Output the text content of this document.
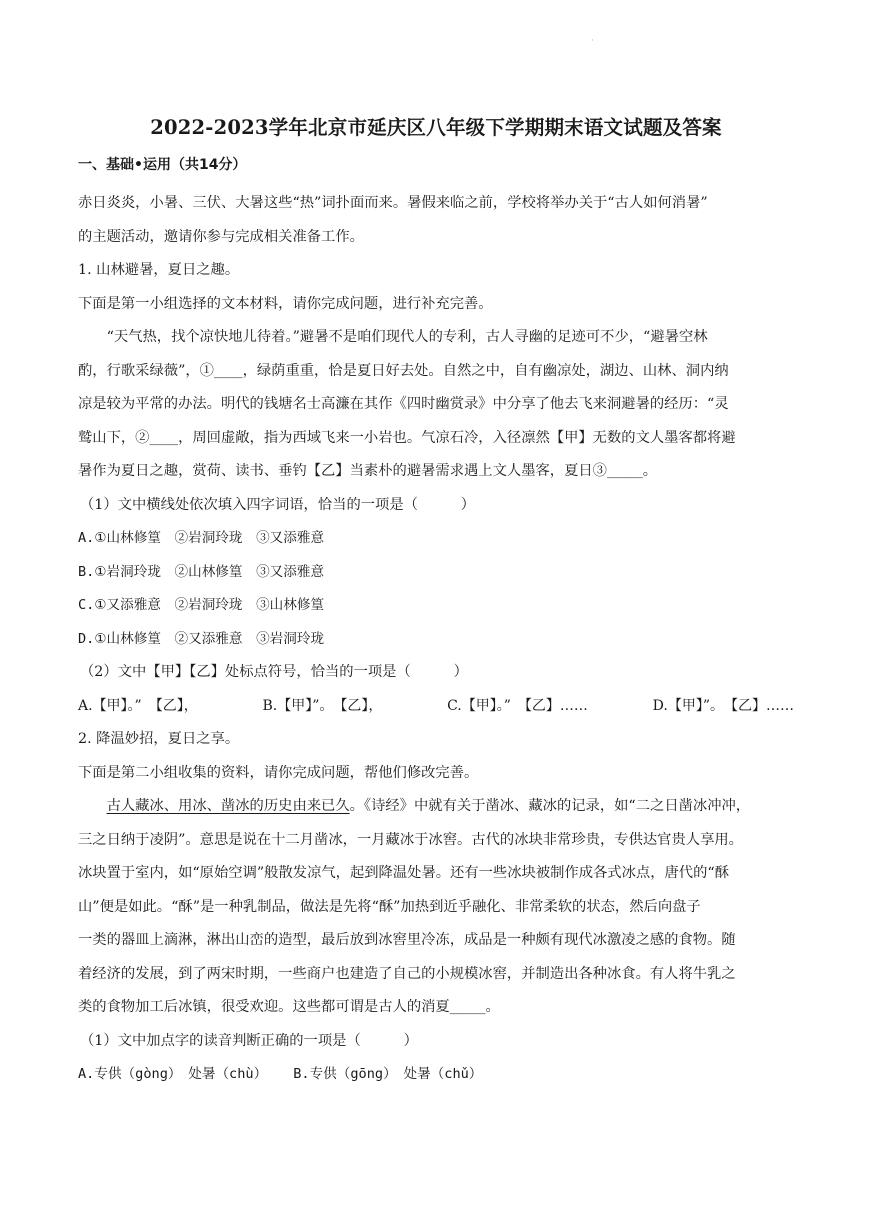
·
2022-2023学年北京市延庆区八年级下学期期末语文试题及答案
一、基础•运用（共14分）

赤日炎炎，小暑、三伏、大暑这些“热”词扑面而来。暑假来临之前，学校将举办关于“古人如何消暑”

的主题活动，邀请你参与完成相关准备工作。

1. 山林避暑，夏日之趣。

下面是第一小组选择的文本材料，请你完成问题，进行补充完善。

“天气热，找个凉快地儿待着。”避暑不是咱们现代人的专利，古人寻幽的足迹可不少，“避暑空林

酌，行歌采绿薇”，①____，绿荫重重，恰是夏日好去处。自然之中，自有幽凉处，湖边、山林、洞内纳

凉是较为平常的办法。明代的钱塘名士高濂在其作《四时幽赏录》中分享了他去飞来洞避暑的经历：“灵

鹫山下，②____，周回虚敞，指为西域飞来一小岩也。气凉石冷，入径凛然【甲】无数的文人墨客都将避

暑作为夏日之趣，赏荷、读书、垂钓【乙】当素朴的避暑需求遇上文人墨客，夏日③_____。

（1）文中横线处依次填入四字词语，恰当的一项是（　　　）

A.①山林修篁　②岩洞玲珑　③又添雅意

B.①岩洞玲珑　②山林修篁　③又添雅意

C.①又添雅意　②岩洞玲珑　③山林修篁

D.①山林修篁　②又添雅意　③岩洞玲珑

（2）文中【甲】【乙】处标点符号，恰当的一项是（　　　）

A.【甲】。”　【乙】，	B.【甲】”。　【乙】，	C.【甲】。”　【乙】……	D.【甲】”。　【乙】……

2. 降温妙招，夏日之享。

下面是第二小组收集的资料，请你完成问题，帮他们修改完善。

古人藏冰、用冰、凿冰的历史由来已久。《诗经》中就有关于凿冰、藏冰的记录，如“二之日凿冰冲冲，

三之日纳于凌阴”。意思是说在十二月凿冰，一月藏冰于冰窖。古代的冰块非常珍贵，专供达官贵人享用。

冰块置于室内，如“原始空调”般散发凉气，起到降温处暑。还有一些冰块被制作成各式冰点，唐代的“酥

山”便是如此。“酥”是一种乳制品，做法是先将“酥”加热到近乎融化、非常柔软的状态，然后向盘子

一类的器皿上滴淋，淋出山峦的造型，最后放到冰窖里冷冻，成品是一种颇有现代冰激凌之感的食物。随

着经济的发展，到了两宋时期，一些商户也建造了自己的小规模冰窖，并制造出各种冰食。有人将牛乳之

类的食物加工后冰镇，很受欢迎。这些都可谓是古人的消夏_____。

（1）文中加点字的读音判断正确的一项是（　　　）

A.专供（gòng）　处暑（chù） B.专供（gōng）　处暑（chǔ）
